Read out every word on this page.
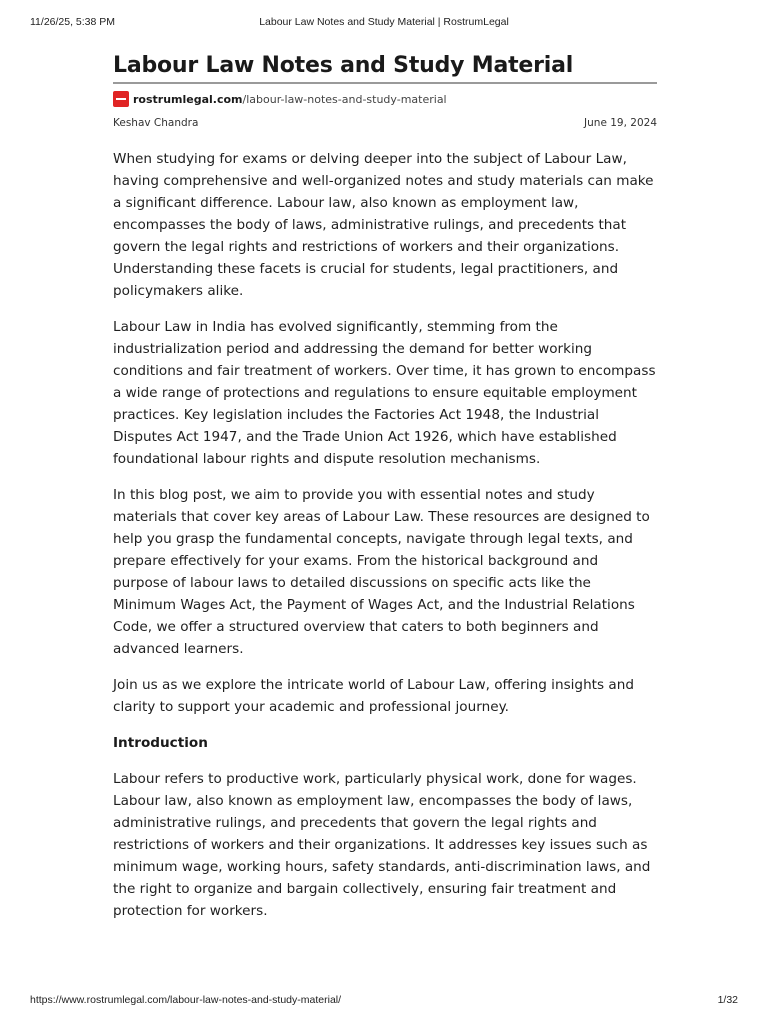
11/26/25, 5:38 PM	Labour Law Notes and Study Material | RostrumLegal
Labour Law Notes and Study Material
rostrumlegal.com /labour-law-notes-and-study-material
Keshav Chandra	June 19, 2024

When studying for exams or delving deeper into the subject of Labour Law, having comprehensive and well-organized notes and study materials can make a significant difference. Labour law, also known as employment law, encompasses the body of laws, administrative rulings, and precedents that govern the legal rights and restrictions of workers and their organizations. Understanding these facets is crucial for students, legal practitioners, and policymakers alike.

Labour Law in India has evolved significantly, stemming from the industrialization period and addressing the demand for better working conditions and fair treatment of workers. Over time, it has grown to encompass a wide range of protections and regulations to ensure equitable employment practices. Key legislation includes the Factories Act 1948, the Industrial Disputes Act 1947, and the Trade Union Act 1926, which have established foundational labour rights and dispute resolution mechanisms.

In this blog post, we aim to provide you with essential notes and study materials that cover key areas of Labour Law. These resources are designed to help you grasp the fundamental concepts, navigate through legal texts, and prepare effectively for your exams. From the historical background and purpose of labour laws to detailed discussions on specific acts like the Minimum Wages Act, the Payment of Wages Act, and the Industrial Relations Code, we offer a structured overview that caters to both beginners and advanced learners.

Join us as we explore the intricate world of Labour Law, offering insights and clarity to support your academic and professional journey.

Introduction

Labour refers to productive work, particularly physical work, done for wages. Labour law, also known as employment law, encompasses the body of laws, administrative rulings, and precedents that govern the legal rights and restrictions of workers and their organizations. It addresses key issues such as minimum wage, working hours, safety standards, anti-discrimination laws, and the right to organize and bargain collectively, ensuring fair treatment and protection for workers.

https://www.rostrumlegal.com/labour-law-notes-and-study-material/	1/32
